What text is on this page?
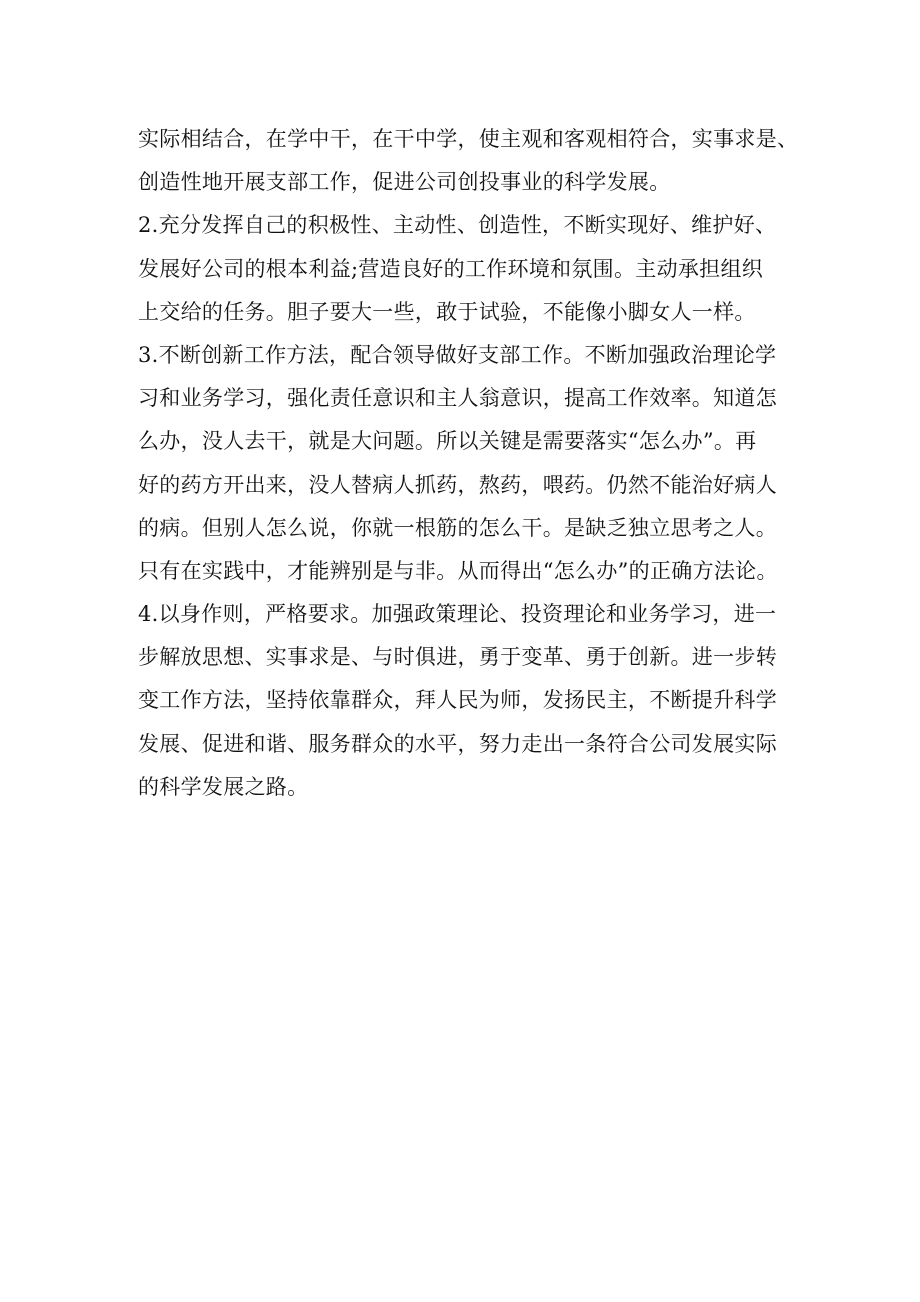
实际相结合，在学中干，在干中学，使主观和客观相符合，实事求是、
创造性地开展支部工作，促进公司创投事业的科学发展。
2.充分发挥自己的积极性、主动性、创造性，不断实现好、维护好、
发展好公司的根本利益;营造良好的工作环境和氛围。主动承担组织
上交给的任务。胆子要大一些，敢于试验，不能像小脚女人一样。
3.不断创新工作方法，配合领导做好支部工作。不断加强政治理论学
习和业务学习，强化责任意识和主人翁意识，提高工作效率。知道怎
么办，没人去干，就是大问题。所以关键是需要落实“怎么办”。再
好的药方开出来，没人替病人抓药，熬药，喂药。仍然不能治好病人
的病。但别人怎么说，你就一根筋的怎么干。是缺乏独立思考之人。
只有在实践中，才能辨别是与非。从而得出“怎么办”的正确方法论。
4.以身作则，严格要求。加强政策理论、投资理论和业务学习，进一
步解放思想、实事求是、与时俱进，勇于变革、勇于创新。进一步转
变工作方法，坚持依靠群众，拜人民为师，发扬民主，不断提升科学
发展、促进和谐、服务群众的水平，努力走出一条符合公司发展实际
的科学发展之路。
